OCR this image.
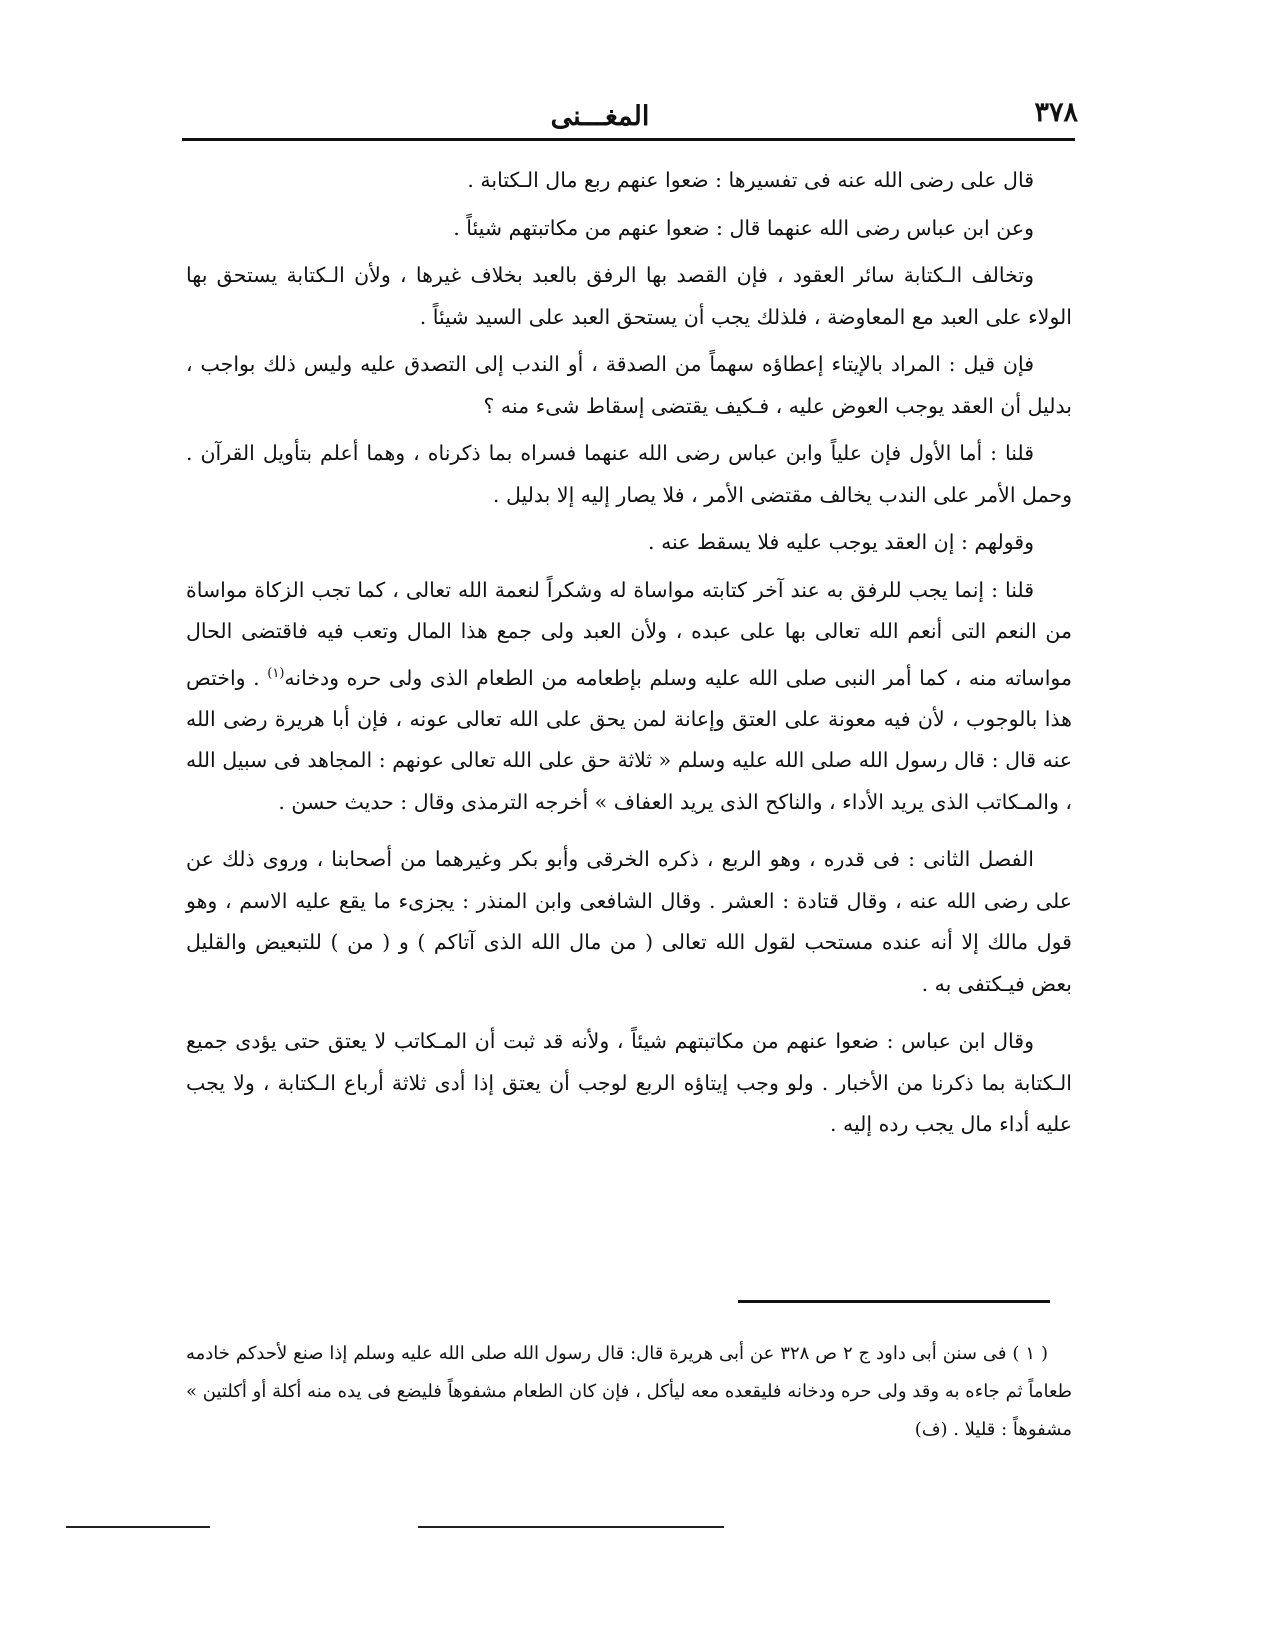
٣٧٨
المغـــنى

قال على رضى الله عنه فى تفسيرها : ضعوا عنهم ربع مال الـكتابة .

وعن ابن عباس رضى الله عنهما قال : ضعوا عنهم من مكاتبتهم شيئاً .

وتخالف الـكتابة سائر العقود ، فإن القصد بها الرفق بالعبد بخلاف غيرها ، ولأن الـكتابة يستحق بها الولاء على العبد مع المعاوضة ، فلذلك يجب أن يستحق العبد على السيد شيئاً .

فإن قيل : المراد بالإيتاء إعطاؤه سهماً من الصدقة ، أو الندب إلى التصدق عليه وليس ذلك بواجب ، بدليل أن العقد يوجب العوض عليه ، فـكيف يقتضى إسقاط شىء منه ؟

قلنا : أما الأول فإن علياً وابن عباس رضى الله عنهما فسراه بما ذكرناه ، وهما أعلم بتأويل القرآن . وحمل الأمر على الندب يخالف مقتضى الأمر ، فلا يصار إليه إلا بدليل .

وقولهم : إن العقد يوجب عليه فلا يسقط عنه .

قلنا : إنما يجب للرفق به عند آخر كتابته مواساة له وشكراً لنعمة الله تعالى ، كما تجب الزكاة مواساة من النعم التى أنعم الله تعالى بها على عبده ، ولأن العبد ولى جمع هذا المال وتعب فيه فاقتضى الحال مواساته منه ، كما أمر النبى صلى الله عليه وسلم بإطعامه من الطعام الذى ولى حره ودخانه$^{(١)}$ . واختص هذا بالوجوب ، لأن فيه معونة على العتق وإعانة لمن يحق على الله تعالى عونه ، فإن أبا هريرة رضى الله عنه قال : قال رسول الله صلى الله عليه وسلم « ثلاثة حق على الله تعالى عونهم : المجاهد فى سبيل الله ، والمـكاتب الذى يريد الأداء ، والناكح الذى يريد العفاف » أخرجه الترمذى وقال : حديث حسن .

الفصل الثانى : فى قدره ، وهو الربع ، ذكره الخرقى وأبو بكر وغيرهما من أصحابنا ، وروى ذلك عن على رضى الله عنه ، وقال قتادة : العشر . وقال الشافعى وابن المنذر : يجزىء ما يقع عليه الاسم ، وهو قول مالك إلا أنه عنده مستحب لقول الله تعالى ( من مال الله الذى آتاكم ) و ( من ) للتبعيض والقليل بعض فيـكتفى به .

وقال ابن عباس : ضعوا عنهم من مكاتبتهم شيئاً ، ولأنه قد ثبت أن المـكاتب لا يعتق حتى يؤدى جميع الـكتابة بما ذكرنا من الأخبار . ولو وجب إيتاؤه الربع لوجب أن يعتق إذا أدى ثلاثة أرباع الـكتابة ، ولا يجب عليه أداء مال يجب رده إليه .

( ١ ) فى سنن أبى داود ج ٢ ص ٣٢٨ عن أبى هريرة قال: قال رسول الله صلى الله عليه وسلم إذا صنع لأحدكم خادمه طعاماً ثم جاءه به وقد ولى حره ودخانه فليقعده معه ليأكل ، فإن كان الطعام مشفوهاً فليضع فى يده منه أكلة أو أكلتين » مشفوهاً : قليلا . (ف)
